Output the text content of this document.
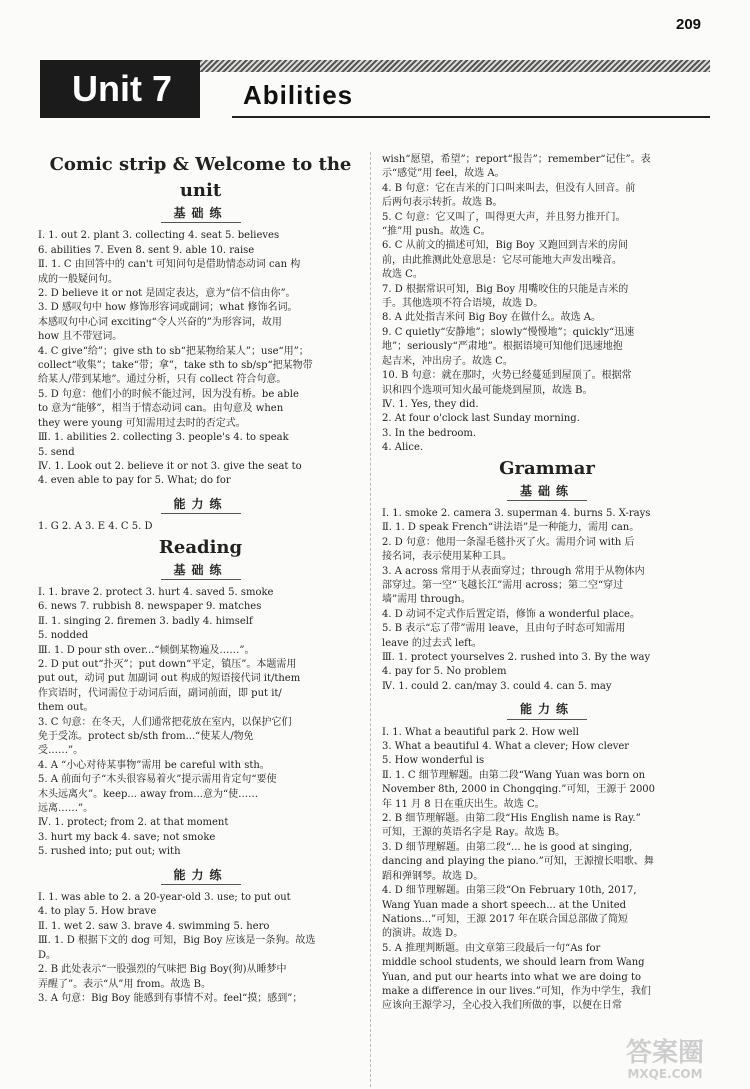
209
Unit 7	Abilities
Comic strip & Welcome to the unit
基础练
Ⅰ. 1. out 2. plant 3. collecting 4. seat 5. believes
6. abilities 7. Even 8. sent 9. able 10. raise
Ⅱ. 1. C 由回答中的 can't 可知问句是借助情态动词 can 构
成的一般疑问句。
2. D believe it or not 是固定表达，意为“信不信由你”。
3. D 感叹句中 how 修饰形容词或副词；what 修饰名词。
本感叹句中心词 exciting“令人兴奋的”为形容词，故用
how 且不带冠词。
4. C give“给”；give sth to sb“把某物给某人”；use“用”；
collect“收集”；take“带；拿”，take sth to sb/sp“把某物带
给某人/带到某地”。通过分析，只有 collect 符合句意。
5. D 句意：他们小的时候不能过河，因为没有桥。be able
to 意为“能够”，相当于情态动词 can。由句意及 when
they were young 可知需用过去时的否定式。
Ⅲ. 1. abilities 2. collecting 3. people's 4. to speak
5. send
Ⅳ. 1. Look out 2. believe it or not 3. give the seat to
4. even able to pay for 5. What; do for
能力练
1. G 2. A 3. E 4. C 5. D
Reading
基础练
Ⅰ. 1. brave 2. protect 3. hurt 4. saved 5. smoke
6. news 7. rubbish 8. newspaper 9. matches
Ⅱ. 1. singing 2. firemen 3. badly 4. himself
5. nodded
Ⅲ. 1. D pour sth over...“倾倒某物遍及……”。
2. D put out“扑灭”；put down“平定，镇压”。本题需用
put out，动词 put 加副词 out 构成的短语接代词 it/them
作宾语时，代词需位于动词后面，副词前面，即 put it/
them out。
3. C 句意：在冬天，人们通常把花放在室内，以保护它们
免于受冻。protect sb/sth from...“使某人/物免
受……”。
4. A “小心对待某事物”需用 be careful with sth。
5. A 前面句子“木头很容易着火”提示需用肯定句“要使
木头远离火”。keep... away from...意为“使……
远离……”。
Ⅳ. 1. protect; from 2. at that moment
3. hurt my back 4. save; not smoke
5. rushed into; put out; with
能力练
Ⅰ. 1. was able to 2. a 20-year-old 3. use; to put out
4. to play 5. How brave
Ⅱ. 1. wet 2. saw 3. brave 4. swimming 5. hero
Ⅲ. 1. D 根据下文的 dog 可知，Big Boy 应该是一条狗。故选
D。
2. B 此处表示“一股强烈的气味把 Big Boy(狗)从睡梦中
弄醒了”。表示“从”用 from。故选 B。
3. A 句意：Big Boy 能感到有事情不对。feel“摸；感到”；
wish“愿望，希望”；report“报告”；remember“记住”。表
示“感觉”用 feel，故选 A。
4. B 句意：它在吉米的门口叫来叫去，但没有人回音。前
后两句表示转折。故选 B。
5. C 句意：它又叫了，叫得更大声，并且努力推开门。
“推”用 push。故选 C。
6. C 从前文的描述可知，Big Boy 又跑回到吉米的房间
前，由此推测此处意思是：它尽可能地大声发出噪音。
故选 C。
7. D 根据常识可知，Big Boy 用嘴咬住的只能是吉米的
手。其他选项不符合语境，故选 D。
8. A 此处指吉米问 Big Boy 在做什么。故选 A。
9. C quietly“安静地”；slowly“慢慢地”；quickly“迅速
地”；seriously“严肃地”。根据语境可知他们迅速地抱
起吉米，冲出房子。故选 C。
10. B 句意：就在那时，火势已经蔓延到屋顶了。根据常
识和四个选项可知火最可能烧到屋顶，故选 B。
Ⅳ. 1. Yes, they did.
2. At four o'clock last Sunday morning.
3. In the bedroom.
4. Alice.
Grammar
基础练
Ⅰ. 1. smoke 2. camera 3. superman 4. burns 5. X-rays
Ⅱ. 1. D speak French“讲法语”是一种能力，需用 can。
2. D 句意：他用一条湿毛毯扑灭了火。需用介词 with 后
接名词，表示使用某种工具。
3. A across 常用于从表面穿过；through 常用于从物体内
部穿过。第一空“飞越长江”需用 across；第二空“穿过
墙”需用 through。
4. D 动词不定式作后置定语，修饰 a wonderful place。
5. B 表示“忘了带”需用 leave，且由句子时态可知需用
leave 的过去式 left。
Ⅲ. 1. protect yourselves 2. rushed into 3. By the way
4. pay for 5. No problem
Ⅳ. 1. could 2. can/may 3. could 4. can 5. may
能力练
Ⅰ. 1. What a beautiful park 2. How well
3. What a beautiful 4. What a clever; How clever
5. How wonderful is
Ⅱ. 1. C 细节理解题。由第二段“Wang Yuan was born on
November 8th, 2000 in Chongqing.”可知，王源于 2000
年 11 月 8 日在重庆出生。故选 C。
2. B 细节理解题。由第二段“His English name is Ray.”
可知，王源的英语名字是 Ray。故选 B。
3. D 细节理解题。由第二段“... he is good at singing,
dancing and playing the piano.”可知，王源擅长唱歌、舞
蹈和弹钢琴。故选 D。
4. D 细节理解题。由第三段“On February 10th, 2017,
Wang Yuan made a short speech... at the United
Nations...”可知，王源 2017 年在联合国总部做了简短
的演讲。故选 D。
5. A 推理判断题。由文章第三段最后一句“As for
middle school students, we should learn from Wang
Yuan, and put our hearts into what we are doing to
make a difference in our lives.”可知，作为中学生，我们
应该向王源学习，全心投入我们所做的事，以便在日常
答案圈
MXQE.COM
